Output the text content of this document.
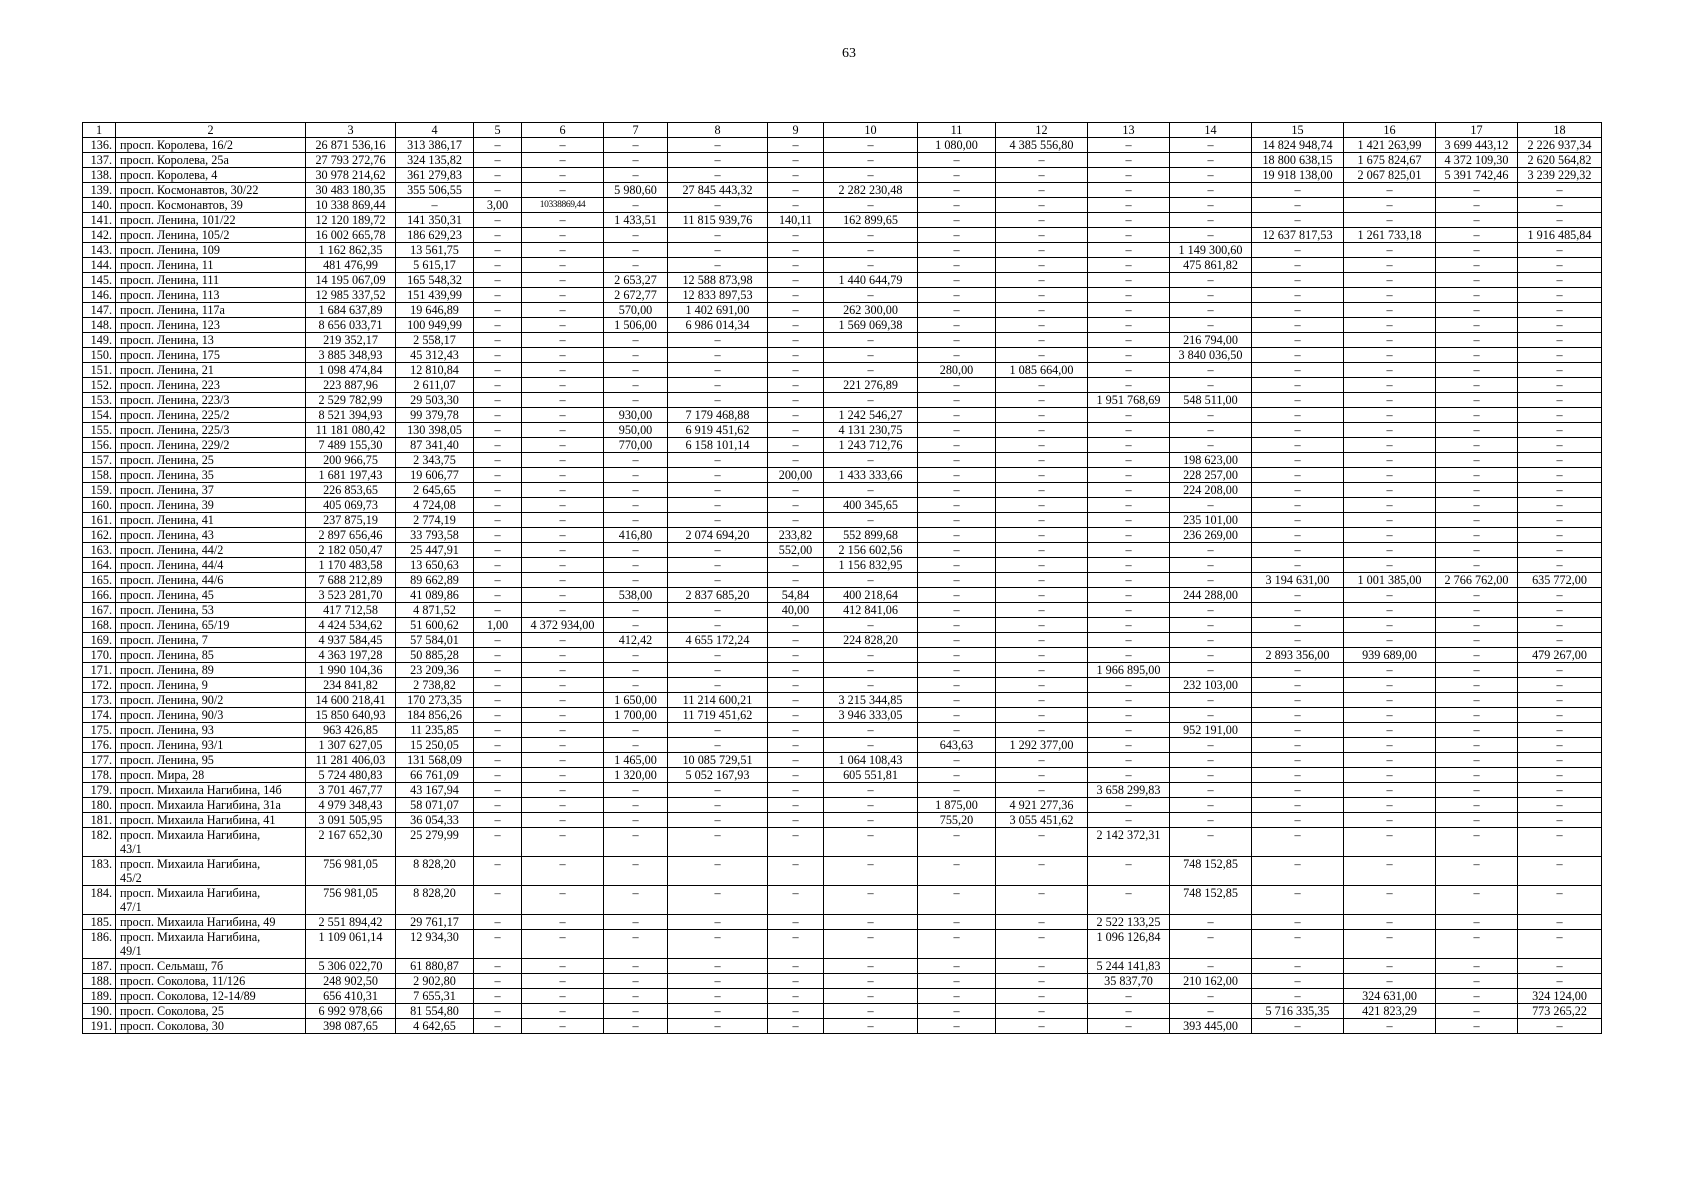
63
1	2	3	4	5	6	7	8	9	10	11	12	13	14	15	16	17	18
136.	просп. Королева, 16/2	26 871 536,16	313 386,17	–	–	–	–	–	–	1 080,00	4 385 556,80	–	–	14 824 948,74	1 421 263,99	3 699 443,12	2 226 937,34
137.	просп. Королева, 25а	27 793 272,76	324 135,82	–	–	–	–	–	–	–	–	–	–	18 800 638,15	1 675 824,67	4 372 109,30	2 620 564,82
138.	просп. Королева, 4	30 978 214,62	361 279,83	–	–	–	–	–	–	–	–	–	–	19 918 138,00	2 067 825,01	5 391 742,46	3 239 229,32
139.	просп. Космонавтов, 30/22	30 483 180,35	355 506,55	–	–	5 980,60	27 845 443,32	–	2 282 230,48	–	–	–	–	–	–	–	–
140.	просп. Космонавтов, 39	10 338 869,44	–	3,00	10338869,44	–	–	–	–	–	–	–	–	–	–	–	–
141.	просп. Ленина, 101/22	12 120 189,72	141 350,31	–	–	1 433,51	11 815 939,76	140,11	162 899,65	–	–	–	–	–	–	–	–
142.	просп. Ленина, 105/2	16 002 665,78	186 629,23	–	–	–	–	–	–	–	–	–	–	12 637 817,53	1 261 733,18	–	1 916 485,84
143.	просп. Ленина, 109	1 162 862,35	13 561,75	–	–	–	–	–	–	–	–	–	1 149 300,60	–	–	–	–
144.	просп. Ленина, 11	481 476,99	5 615,17	–	–	–	–	–	–	–	–	–	475 861,82	–	–	–	–
145.	просп. Ленина, 111	14 195 067,09	165 548,32	–	–	2 653,27	12 588 873,98	–	1 440 644,79	–	–	–	–	–	–	–	–
146.	просп. Ленина, 113	12 985 337,52	151 439,99	–	–	2 672,77	12 833 897,53	–	–	–	–	–	–	–	–	–	–
147.	просп. Ленина, 117а	1 684 637,89	19 646,89	–	–	570,00	1 402 691,00	–	262 300,00	–	–	–	–	–	–	–	–
148.	просп. Ленина, 123	8 656 033,71	100 949,99	–	–	1 506,00	6 986 014,34	–	1 569 069,38	–	–	–	–	–	–	–	–
149.	просп. Ленина, 13	219 352,17	2 558,17	–	–	–	–	–	–	–	–	–	216 794,00	–	–	–	–
150.	просп. Ленина, 175	3 885 348,93	45 312,43	–	–	–	–	–	–	–	–	–	3 840 036,50	–	–	–	–
151.	просп. Ленина, 21	1 098 474,84	12 810,84	–	–	–	–	–	–	280,00	1 085 664,00	–	–	–	–	–	–
152.	просп. Ленина, 223	223 887,96	2 611,07	–	–	–	–	–	221 276,89	–	–	–	–	–	–	–	–
153.	просп. Ленина, 223/3	2 529 782,99	29 503,30	–	–	–	–	–	–	–	–	1 951 768,69	548 511,00	–	–	–	–
154.	просп. Ленина, 225/2	8 521 394,93	99 379,78	–	–	930,00	7 179 468,88	–	1 242 546,27	–	–	–	–	–	–	–	–
155.	просп. Ленина, 225/3	11 181 080,42	130 398,05	–	–	950,00	6 919 451,62	–	4 131 230,75	–	–	–	–	–	–	–	–
156.	просп. Ленина, 229/2	7 489 155,30	87 341,40	–	–	770,00	6 158 101,14	–	1 243 712,76	–	–	–	–	–	–	–	–
157.	просп. Ленина, 25	200 966,75	2 343,75	–	–	–	–	–	–	–	–	–	198 623,00	–	–	–	–
158.	просп. Ленина, 35	1 681 197,43	19 606,77	–	–	–	–	200,00	1 433 333,66	–	–	–	228 257,00	–	–	–	–
159.	просп. Ленина, 37	226 853,65	2 645,65	–	–	–	–	–	–	–	–	–	224 208,00	–	–	–	–
160.	просп. Ленина, 39	405 069,73	4 724,08	–	–	–	–	–	400 345,65	–	–	–	–	–	–	–	–
161.	просп. Ленина, 41	237 875,19	2 774,19	–	–	–	–	–	–	–	–	–	235 101,00	–	–	–	–
162.	просп. Ленина, 43	2 897 656,46	33 793,58	–	–	416,80	2 074 694,20	233,82	552 899,68	–	–	–	236 269,00	–	–	–	–
163.	просп. Ленина, 44/2	2 182 050,47	25 447,91	–	–	–	–	552,00	2 156 602,56	–	–	–	–	–	–	–	–
164.	просп. Ленина, 44/4	1 170 483,58	13 650,63	–	–	–	–	–	1 156 832,95	–	–	–	–	–	–	–	–
165.	просп. Ленина, 44/6	7 688 212,89	89 662,89	–	–	–	–	–	–	–	–	–	–	3 194 631,00	1 001 385,00	2 766 762,00	635 772,00
166.	просп. Ленина, 45	3 523 281,70	41 089,86	–	–	538,00	2 837 685,20	54,84	400 218,64	–	–	–	244 288,00	–	–	–	–
167.	просп. Ленина, 53	417 712,58	4 871,52	–	–	–	–	40,00	412 841,06	–	–	–	–	–	–	–	–
168.	просп. Ленина, 65/19	4 424 534,62	51 600,62	1,00	4 372 934,00	–	–	–	–	–	–	–	–	–	–	–	–
169.	просп. Ленина, 7	4 937 584,45	57 584,01	–	–	412,42	4 655 172,24	–	224 828,20	–	–	–	–	–	–	–	–
170.	просп. Ленина, 85	4 363 197,28	50 885,28	–	–	–	–	–	–	–	–	–	–	2 893 356,00	939 689,00	–	479 267,00
171.	просп. Ленина, 89	1 990 104,36	23 209,36	–	–	–	–	–	–	–	–	1 966 895,00	–	–	–	–	–
172.	просп. Ленина, 9	234 841,82	2 738,82	–	–	–	–	–	–	–	–	–	232 103,00	–	–	–	–
173.	просп. Ленина, 90/2	14 600 218,41	170 273,35	–	–	1 650,00	11 214 600,21	–	3 215 344,85	–	–	–	–	–	–	–	–
174.	просп. Ленина, 90/3	15 850 640,93	184 856,26	–	–	1 700,00	11 719 451,62	–	3 946 333,05	–	–	–	–	–	–	–	–
175.	просп. Ленина, 93	963 426,85	11 235,85	–	–	–	–	–	–	–	–	–	952 191,00	–	–	–	–
176.	просп. Ленина, 93/1	1 307 627,05	15 250,05	–	–	–	–	–	–	643,63	1 292 377,00	–	–	–	–	–	–
177.	просп. Ленина, 95	11 281 406,03	131 568,09	–	–	1 465,00	10 085 729,51	–	1 064 108,43	–	–	–	–	–	–	–	–
178.	просп. Мира, 28	5 724 480,83	66 761,09	–	–	1 320,00	5 052 167,93	–	605 551,81	–	–	–	–	–	–	–	–
179.	просп. Михаила Нагибина, 14б	3 701 467,77	43 167,94	–	–	–	–	–	–	–	–	3 658 299,83	–	–	–	–	–
180.	просп. Михаила Нагибина, 31а	4 979 348,43	58 071,07	–	–	–	–	–	–	1 875,00	4 921 277,36	–	–	–	–	–	–
181.	просп. Михаила Нагибина, 41	3 091 505,95	36 054,33	–	–	–	–	–	–	755,20	3 055 451,62	–	–	–	–	–	–
182.	просп. Михаила Нагибина,
43/1	2 167 652,30	25 279,99	–	–	–	–	–	–	–	–	2 142 372,31	–	–	–	–	–
183.	просп. Михаила Нагибина,
45/2	756 981,05	8 828,20	–	–	–	–	–	–	–	–	–	748 152,85	–	–	–	–
184.	просп. Михаила Нагибина,
47/1	756 981,05	8 828,20	–	–	–	–	–	–	–	–	–	748 152,85	–	–	–	–
185.	просп. Михаила Нагибина, 49	2 551 894,42	29 761,17	–	–	–	–	–	–	–	–	2 522 133,25	–	–	–	–	–
186.	просп. Михаила Нагибина,
49/1	1 109 061,14	12 934,30	–	–	–	–	–	–	–	–	1 096 126,84	–	–	–	–	–
187.	просп. Сельмаш, 7б	5 306 022,70	61 880,87	–	–	–	–	–	–	–	–	5 244 141,83	–	–	–	–	–
188.	просп. Соколова, 11/126	248 902,50	2 902,80	–	–	–	–	–	–	–	–	35 837,70	210 162,00	–	–	–	–
189.	просп. Соколова, 12-14/89	656 410,31	7 655,31	–	–	–	–	–	–	–	–	–	–	–	324 631,00	–	324 124,00
190.	просп. Соколова, 25	6 992 978,66	81 554,80	–	–	–	–	–	–	–	–	–	–	5 716 335,35	421 823,29	–	773 265,22
191.	просп. Соколова, 30	398 087,65	4 642,65	–	–	–	–	–	–	–	–	–	393 445,00	–	–	–	–
